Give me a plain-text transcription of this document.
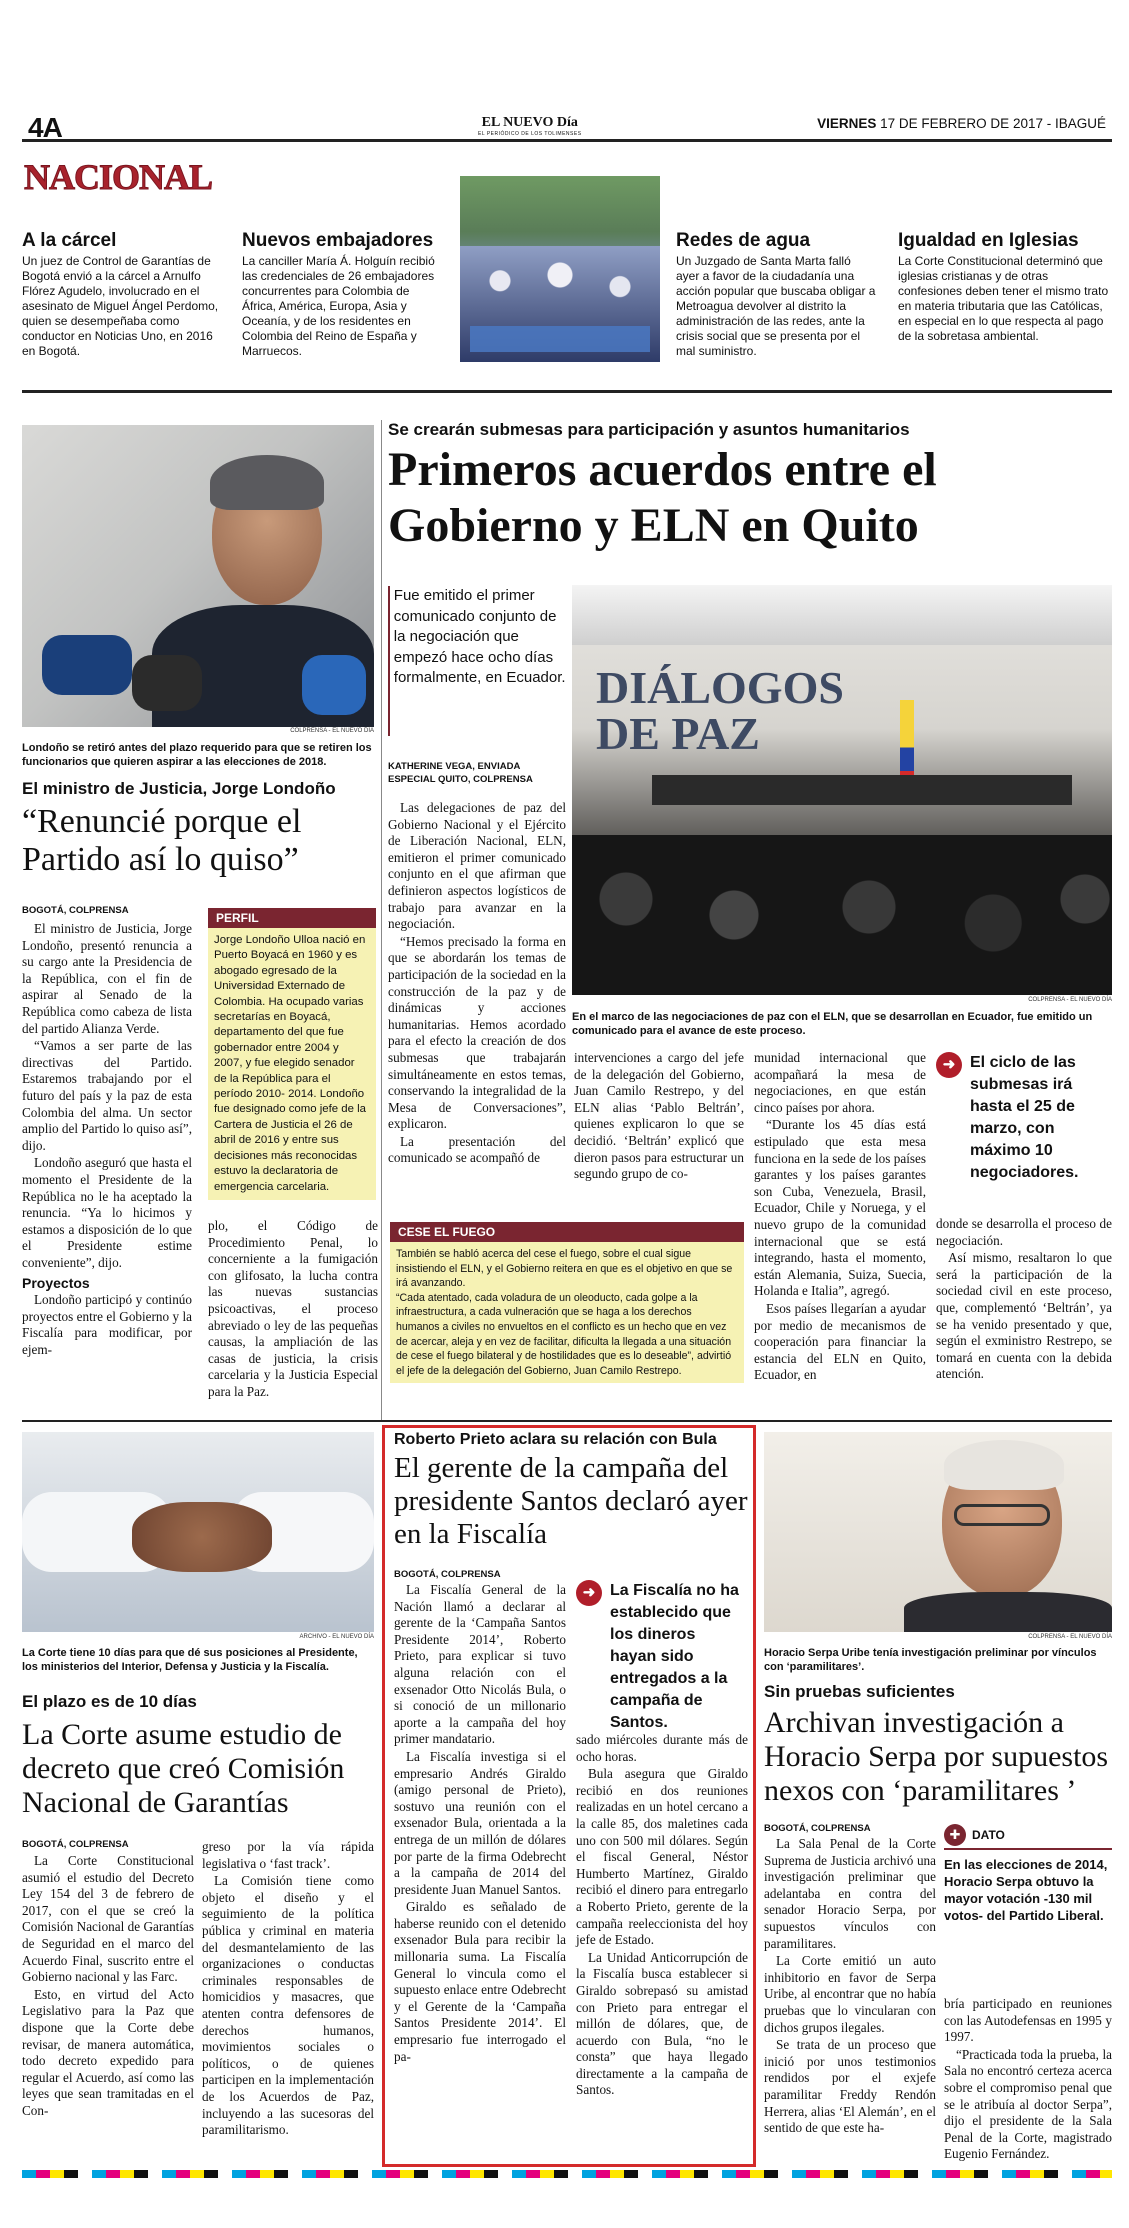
4A	EL NUEVO Día
EL PERIÓDICO DE LOS TOLIMENSES
VIERNES 17 DE FEBRERO DE 2017 - IBAGUÉ
NACIONAL
A la cárcel

Un juez de Control de Garantías de Bogotá envió a la cárcel a Arnulfo Flórez Agudelo, involucrado en el asesinato de Miguel Ángel Perdomo, quien se desempeñaba como conductor en Noticias Uno, en 2016 en Bogotá.

Nuevos embajadores

La canciller María Á. Holguín recibió las credenciales de 26 embajadores concurrentes para Colombia de África, América, Europa, Asia y Oceanía, y de los residentes en Colombia del Reino de España y Marruecos.

Redes de agua

Un Juzgado de Santa Marta falló ayer a favor de la ciudadanía una acción popular que buscaba obligar a Metroagua devolver al distrito la administración de las redes, ante la crisis social que se presenta por el mal suministro.

Igualdad en Iglesias

La Corte Constitucional determinó que iglesias cristianas y de otras confesiones deben tener el mismo trato en materia tributaria que las Católicas, en especial en lo que respecta al pago de la sobretasa ambiental.

COLPRENSA - EL NUEVO DÍA
Londoño se retiró antes del plazo requerido para que se retiren los funcionarios que quieren aspirar a las elecciones de 2018.
El ministro de Justicia, Jorge Londoño
“Renuncié porque el Partido así lo quiso”
BOGOTÁ, COLPRENSA

El ministro de Justicia, Jorge Londoño, presentó renuncia a su cargo ante la Presidencia de la República, con el fin de aspirar al Senado de la República como cabeza de lista del partido Alianza Verde.

“Vamos a ser parte de las directivas del Partido. Estaremos trabajando por el futuro del país y la paz de esta Colombia del alma. Un sector amplio del Partido lo quiso así”, dijo.

Londoño aseguró que hasta el momento el Presidente de la República no le ha aceptado la renuncia. “Ya lo hicimos y estamos a disposición de lo que el Presidente estime conveniente”, dijo.

Proyectos

Londoño participó y continúo proyectos entre el Gobierno y la Fiscalía para modificar, por ejem-

PERFIL
Jorge Londoño Ulloa nació en Puerto Boyacá en 1960 y es abogado egresado de la Universidad Externado de Colombia. Ha ocupado varias secretarías en Boyacá, departamento del que fue gobernador entre 2004 y 2007, y fue elegido senador de la República para el período 2010- 2014. Londoño fue designado como jefe de la Cartera de Justicia el 26 de abril de 2016 y entre sus decisiones más reconocidas estuvo la declaratoria de emergencia carcelaria.

plo, el Código de Procedimiento Penal, lo concerniente a la fumigación con glifosato, la lucha contra las nuevas sustancias psicoactivas, el proceso abreviado o ley de las pequeñas causas, la ampliación de las casas de justicia, la crisis carcelaria y la Justicia Especial para la Paz.

Se crearán submesas para participación y asuntos humanitarios
Primeros acuerdos entre el Gobierno y ELN en Quito
Fue emitido el primer comunicado conjunto de la negociación que empezó hace ocho días formalmente, en Ecuador.
KATHERINE VEGA, ENVIADA ESPECIAL QUITO, COLPRENSA
DIÁLOGOS DE PAZ
COLPRENSA - EL NUEVO DÍA
En el marco de las negociaciones de paz con el ELN, que se desarrollan en Ecuador, fue emitido un comunicado para el avance de este proceso.

Las delegaciones de paz del Gobierno Nacional y el Ejército de Liberación Nacional, ELN, emitieron el primer comunicado conjunto en el que afirman que definieron aspectos logísticos de trabajo para avanzar en la negociación.

“Hemos precisado la forma en que se abordarán los temas de participación de la sociedad en la construcción de la paz y de dinámicas y acciones humanitarias. Hemos acordado para el efecto la creación de dos submesas que trabajarán simultáneamente en estos temas, conservando la integralidad de la Mesa de Conversaciones”, explicaron.

La presentación del comunicado se acompañó de

intervenciones a cargo del jefe de la delegación del Gobierno, Juan Camilo Restrepo, y del ELN alias ‘Pablo Beltrán’, quienes explicaron lo que se decidió. ‘Beltrán’ explicó que dieron pasos para estructurar un segundo grupo de co-

munidad internacional que acompañará la mesa de negociaciones, en que están cinco países por ahora.

“Durante los 45 días está estipulado que esta mesa funciona en la sede de los países garantes y los países garantes son Cuba, Venezuela, Brasil, Ecuador, Chile y Noruega, y el nuevo grupo de la comunidad internacional que se está integrando, hasta el momento, están Alemania, Suiza, Suecia, Holanda e Italia”, agregó.

Esos países llegarían a ayudar por medio de mecanismos de cooperación para financiar la estancia del ELN en Quito, Ecuador, en

➜ El ciclo de las submesas irá hasta el 25 de marzo, con máximo 10 negociadores.

donde se desarrolla el proceso de negociación.

Así mismo, resaltaron lo que será la participación de la sociedad civil en este proceso, que, complementó ‘Beltrán’, ya se ha venido presentado y que, según el exministro Restrepo, se tomará en cuenta con la debida atención.

CESE EL FUEGO
También se habló acerca del cese el fuego, sobre el cual sigue insistiendo el ELN, y el Gobierno reitera en que es el objetivo en que se irá avanzando.
“Cada atentado, cada voladura de un oleoducto, cada golpe a la infraestructura, a cada vulneración que se haga a los derechos humanos a civiles no envueltos en el conflicto es un hecho que en vez de acercar, aleja y en vez de facilitar, dificulta la llegada a una situación de cese el fuego bilateral y de hostilidades que es lo deseable”, advirtió el jefe de la delegación del Gobierno, Juan Camilo Restrepo.
ARCHIVO - EL NUEVO DÍA
La Corte tiene 10 días para que dé sus posiciones al Presidente, los ministerios del Interior, Defensa y Justicia y la Fiscalía.
El plazo es de 10 días
La Corte asume estudio de decreto que creó Comisión Nacional de Garantías
BOGOTÁ, COLPRENSA

La Corte Constitucional asumió el estudio del Decreto Ley 154 del 3 de febrero de 2017, con el que se creó la Comisión Nacional de Garantías de Seguridad en el marco del Acuerdo Final, suscrito entre el Gobierno nacional y las Farc.

Esto, en virtud del Acto Legislativo para la Paz que dispone que la Corte debe revisar, de manera automática, todo decreto expedido para regular el Acuerdo, así como las leyes que sean tramitadas en el Con-

greso por la vía rápida legislativa o ‘fast track’.

La Comisión tiene como objeto el diseño y el seguimiento de la política pública y criminal en materia del desmantelamiento de las organizaciones o conductas criminales responsables de homicidios y masacres, que atenten contra defensores de derechos humanos, movimientos sociales o políticos, o de quienes participen en la implementación de los Acuerdos de Paz, incluyendo a las sucesoras del paramilitarismo.

Roberto Prieto aclara su relación con Bula
El gerente de la campaña del presidente Santos declaró ayer en la Fiscalía
BOGOTÁ, COLPRENSA

La Fiscalía General de la Nación llamó a declarar al gerente de la ‘Campaña Santos Presidente 2014’, Roberto Prieto, para explicar si tuvo alguna relación con el exsenador Otto Nicolás Bula, o si conoció de un millonario aporte a la campaña del hoy primer mandatario.

La Fiscalía investiga si el empresario Andrés Giraldo (amigo personal de Prieto), sostuvo una reunión con el exsenador Bula, orientada a la entrega de un millón de dólares por parte de la firma Odebrecht a la campaña de 2014 del presidente Juan Manuel Santos.

Giraldo es señalado de haberse reunido con el detenido exsenador Bula para recibir la millonaria suma. La Fiscalía General lo vincula como el supuesto enlace entre Odebrecht y el Gerente de la ‘Campaña Santos Presidente 2014’. El empresario fue interrogado el pa-

➜ La Fiscalía no ha establecido que los dineros hayan sido entregados a la campaña de Santos.

sado miércoles durante más de ocho horas.

Bula asegura que Giraldo recibió en dos reuniones realizadas en un hotel cercano a la calle 85, dos maletines cada uno con 500 mil dólares. Según el fiscal General, Néstor Humberto Martínez, Giraldo recibió el dinero para entregarlo a Roberto Prieto, gerente de la campaña reeleccionista del hoy jefe de Estado.

La Unidad Anticorrupción de la Fiscalía busca establecer si Giraldo sobrepasó su amistad con Prieto para entregar el millón de dólares, que, de acuerdo con Bula, “no le consta” que haya llegado directamente a la campaña de Santos.

COLPRENSA - EL NUEVO DÍA
Horacio Serpa Uribe tenía investigación preliminar por vínculos con ‘paramilitares’.
Sin pruebas suficientes
Archivan investigación a Horacio Serpa por supuestos nexos con ‘paramilitares ’
BOGOTÁ, COLPRENSA

La Sala Penal de la Corte Suprema de Justicia archivó una investigación preliminar que adelantaba en contra del senador Horacio Serpa, por supuestos vínculos con paramilitares.

La Corte emitió un auto inhibitorio en favor de Serpa Uribe, al encontrar que no había pruebas que lo vincularan con dichos grupos ilegales.

Se trata de un proceso que inició por unos testimonios rendidos por el exjefe paramilitar Freddy Rendón Herrera, alias ‘El Alemán’, en el sentido de que este ha-

✚ DATO
En las elecciones de 2014, Horacio Serpa obtuvo la mayor votación -130 mil votos- del Partido Liberal.

bría participado en reuniones con las Autodefensas en 1995 y 1997.

“Practicada toda la prueba, la Sala no encontró certeza acerca sobre el compromiso penal que se le atribuía al doctor Serpa”, dijo el presidente de la Sala Penal de la Corte, magistrado Eugenio Fernández.
